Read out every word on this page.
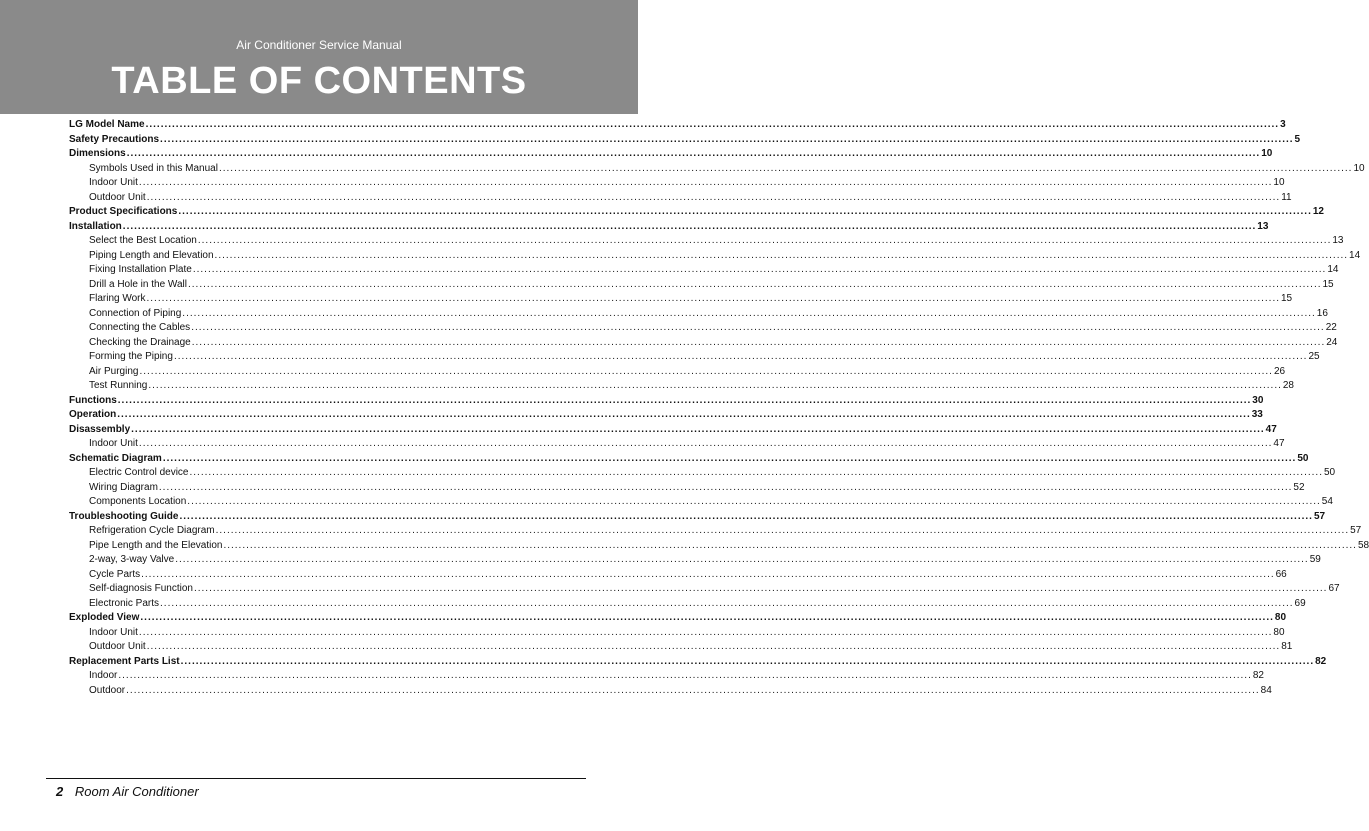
Air Conditioner Service Manual
TABLE OF CONTENTS
LG Model Name ............................................................................................................................................................................................................................................................................................................ 3
Safety Precautions ............................................................................................................................................................................................................................................................................................................ 5
Dimensions ............................................................................................................................................................................................................................................................................................................ 10
Symbols Used in this Manual ............................................................................................................................................................................................................................................................................................................ 10
Indoor Unit ............................................................................................................................................................................................................................................................................................................ 10
Outdoor Unit ............................................................................................................................................................................................................................................................................................................ 11
Product Specifications ............................................................................................................................................................................................................................................................................................................ 12
Installation ............................................................................................................................................................................................................................................................................................................ 13
Select the Best Location ............................................................................................................................................................................................................................................................................................................ 13
Piping Length and Elevation ............................................................................................................................................................................................................................................................................................................ 14
Fixing Installation Plate ............................................................................................................................................................................................................................................................................................................ 14
Drill a Hole in the Wall ............................................................................................................................................................................................................................................................................................................ 15
Flaring Work ............................................................................................................................................................................................................................................................................................................ 15
Connection of Piping ............................................................................................................................................................................................................................................................................................................ 16
Connecting the Cables ............................................................................................................................................................................................................................................................................................................ 22
Checking the Drainage ............................................................................................................................................................................................................................................................................................................ 24
Forming the Piping ............................................................................................................................................................................................................................................................................................................ 25
Air Purging ............................................................................................................................................................................................................................................................................................................ 26
Test Running ............................................................................................................................................................................................................................................................................................................ 28
Functions ............................................................................................................................................................................................................................................................................................................ 30
Operation ............................................................................................................................................................................................................................................................................................................ 33
Disassembly ............................................................................................................................................................................................................................................................................................................ 47
Indoor Unit ............................................................................................................................................................................................................................................................................................................ 47
Schematic Diagram ............................................................................................................................................................................................................................................................................................................ 50
Electric Control device ............................................................................................................................................................................................................................................................................................................ 50
Wiring Diagram ............................................................................................................................................................................................................................................................................................................ 52
Components Location ............................................................................................................................................................................................................................................................................................................ 54
Troubleshooting Guide ............................................................................................................................................................................................................................................................................................................ 57
Refrigeration Cycle Diagram ............................................................................................................................................................................................................................................................................................................ 57
Pipe Length and the Elevation ............................................................................................................................................................................................................................................................................................................ 58
2-way, 3-way Valve ............................................................................................................................................................................................................................................................................................................ 59
Cycle Parts ............................................................................................................................................................................................................................................................................................................ 66
Self-diagnosis Function ............................................................................................................................................................................................................................................................................................................ 67
Electronic Parts ............................................................................................................................................................................................................................................................................................................ 69
Exploded View ............................................................................................................................................................................................................................................................................................................ 80
Indoor Unit ............................................................................................................................................................................................................................................................................................................ 80
Outdoor Unit ............................................................................................................................................................................................................................................................................................................ 81
Replacement Parts List ............................................................................................................................................................................................................................................................................................................ 82
Indoor ............................................................................................................................................................................................................................................................................................................ 82
Outdoor ............................................................................................................................................................................................................................................................................................................ 84
2 Room Air Conditioner
